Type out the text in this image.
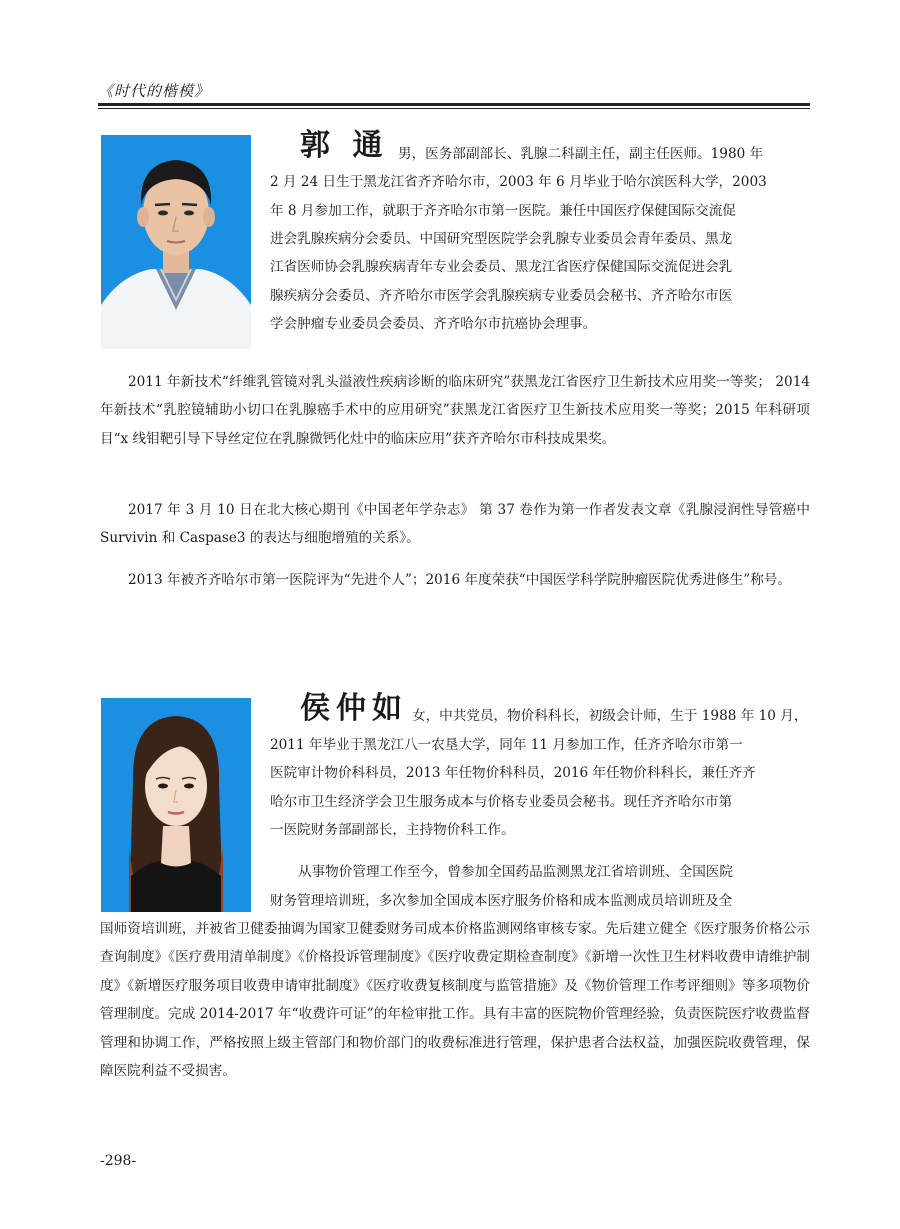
《时代的楷模》
郭 通 男，医务部副部长、乳腺二科副主任，副主任医师。1980 年

2 月 24 日生于黑龙江省齐齐哈尔市，2003 年 6 月毕业于哈尔滨医科大学，2003

年 8 月参加工作，就职于齐齐哈尔市第一医院。兼任中国医疗保健国际交流促

进会乳腺疾病分会委员、中国研究型医院学会乳腺专业委员会青年委员、黑龙

江省医师协会乳腺疾病青年专业会委员、黑龙江省医疗保健国际交流促进会乳

腺疾病分会委员、齐齐哈尔市医学会乳腺疾病专业委员会秘书、齐齐哈尔市医

学会肿瘤专业委员会委员、齐齐哈尔市抗癌协会理事。

2011 年新技术“纤维乳管镜对乳头溢液性疾病诊断的临床研究”获黑龙江省医疗卫生新技术应用奖一等奖； 2014 年新技术“乳腔镜辅助小切口在乳腺癌手术中的应用研究”获黑龙江省医疗卫生新技术应用奖一等奖；2015 年科研项目“x 线钼靶引导下导丝定位在乳腺微钙化灶中的临床应用”获齐齐哈尔市科技成果奖。

2017 年 3 月 10 日在北大核心期刊《中国老年学杂志》 第 37 卷作为第一作者发表文章《乳腺浸润性导管癌中 Survivin 和 Caspase3 的表达与细胞增殖的关系》。

2013 年被齐齐哈尔市第一医院评为“先进个人”；2016 年度荣获“中国医学科学院肿瘤医院优秀进修生”称号。

侯仲如 女，中共党员，物价科科长，初级会计师，生于 1988 年 10 月，

2011 年毕业于黑龙江八一农垦大学，同年 11 月参加工作，任齐齐哈尔市第一

医院审计物价科科员，2013 年任物价科科员，2016 年任物价科科长，兼任齐齐

哈尔市卫生经济学会卫生服务成本与价格专业委员会秘书。现任齐齐哈尔市第

一医院财务部副部长，主持物价科工作。

从事物价管理工作至今，曾参加全国药品监测黑龙江省培训班、全国医院

财务管理培训班，多次参加全国成本医疗服务价格和成本监测成员培训班及全

国师资培训班，并被省卫健委抽调为国家卫健委财务司成本价格监测网络审核专家。先后建立健全《医疗服务价格公示查询制度》《医疗费用清单制度》《价格投诉管理制度》《医疗收费定期检查制度》《新增一次性卫生材料收费申请维护制度》《新增医疗服务项目收费申请审批制度》《医疗收费复核制度与监管措施》及《物价管理工作考评细则》等多项物价管理制度。完成 2014-2017 年“收费许可证”的年检审批工作。具有丰富的医院物价管理经验，负责医院医疗收费监督管理和协调工作，严格按照上级主管部门和物价部门的收费标准进行管理，保护患者合法权益，加强医院收费管理，保障医院利益不受损害。

-298-
